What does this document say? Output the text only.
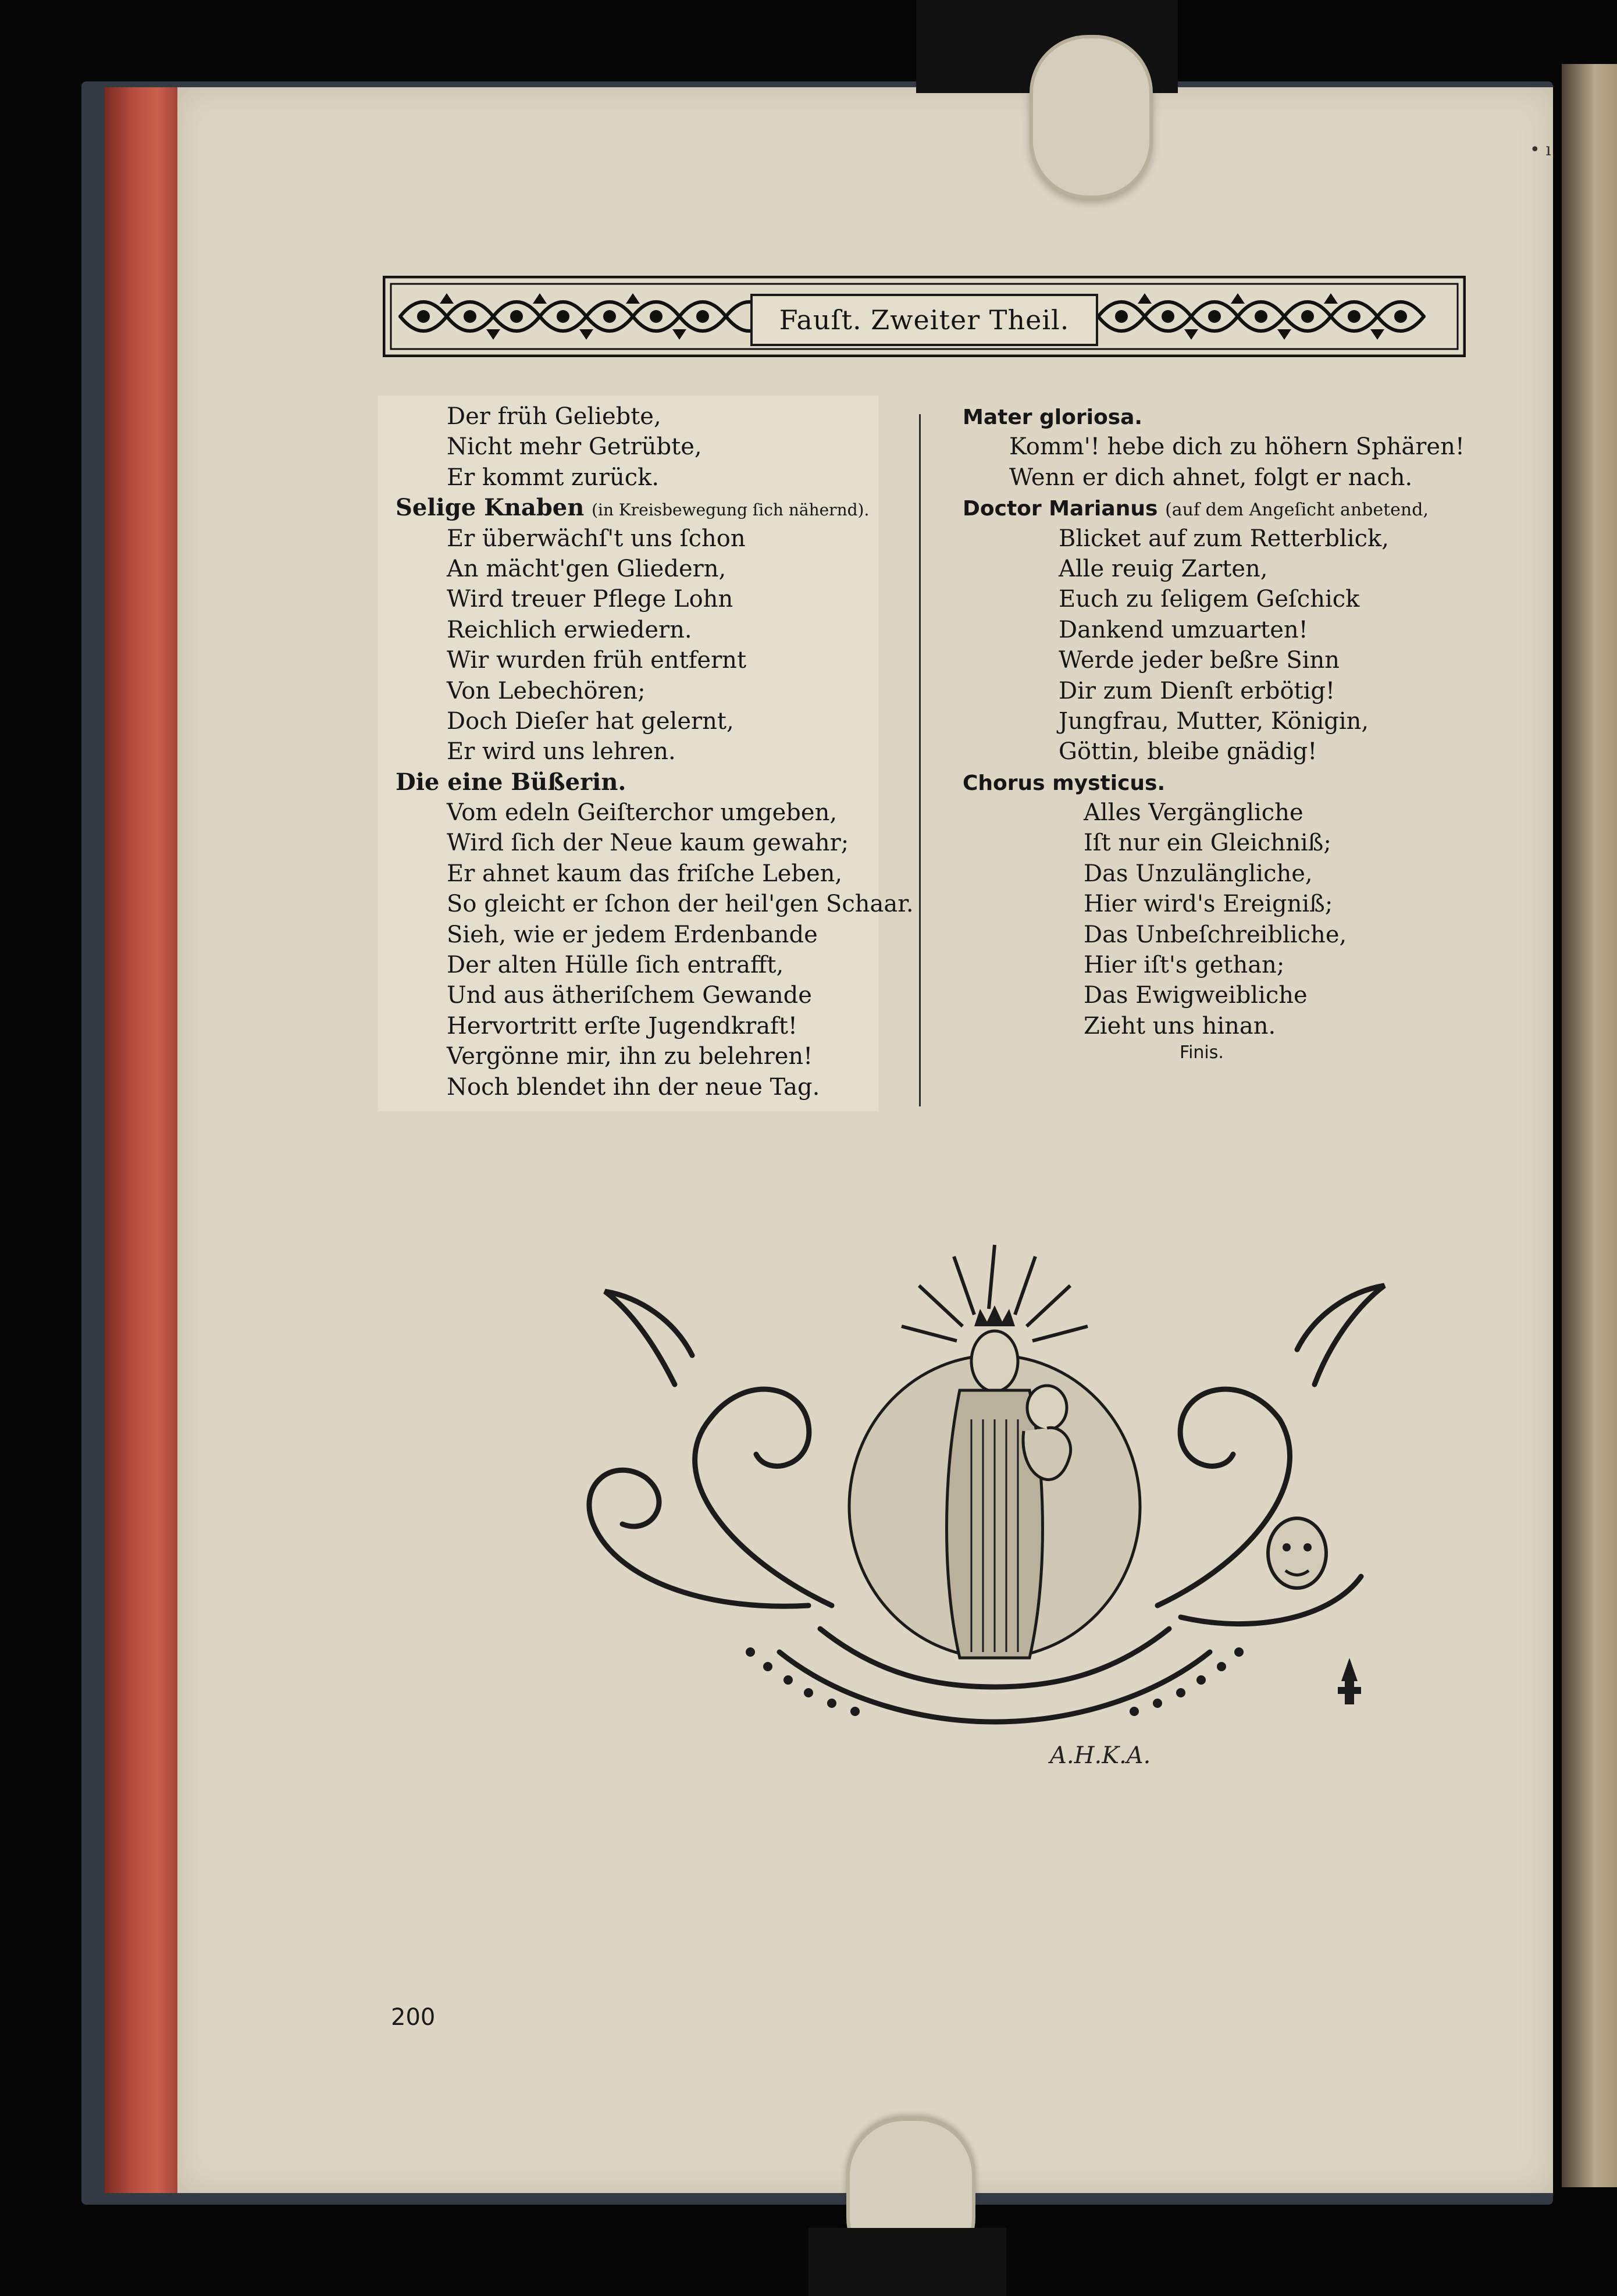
• ı
Fauſt. Zweiter Theil.
Der früh Geliebte,
Nicht mehr Getrübte,
Er kommt zurück.
Selige Knaben (in Kreisbewegung ſich nähernd).
Er überwächſ't uns ſchon
An mächt'gen Gliedern,
Wird treuer Pflege Lohn
Reichlich erwiedern.
Wir wurden früh entfernt
Von Lebechören;
Doch Dieſer hat gelernt,
Er wird uns lehren.
Die eine Büßerin.
Vom edeln Geiſterchor umgeben,
Wird ſich der Neue kaum gewahr;
Er ahnet kaum das friſche Leben,
So gleicht er ſchon der heil'gen Schaar.
Sieh, wie er jedem Erdenbande
Der alten Hülle ſich entrafft,
Und aus ätheriſchem Gewande
Hervortritt erſte Jugendkraft!
Vergönne mir, ihn zu belehren!
Noch blendet ihn der neue Tag.
Mater gloriosa.
Komm'! hebe dich zu höhern Sphären!
Wenn er dich ahnet, folgt er nach.
Doctor Marianus (auf dem Angeſicht anbetend,
Blicket auf zum Retterblick,
Alle reuig Zarten,
Euch zu ſeligem Geſchick
Dankend umzuarten!
Werde jeder beßre Sinn
Dir zum Dienſt erbötig!
Jungfrau, Mutter, Königin,
Göttin, bleibe gnädig!
Chorus mysticus.
Alles Vergängliche
Iſt nur ein Gleichniß;
Das Unzulängliche,
Hier wird's Ereigniß;
Das Unbeſchreibliche,
Hier iſt's gethan;
Das Ewigweibliche
Zieht uns hinan.
Finis.
A.H.K.A.
200
